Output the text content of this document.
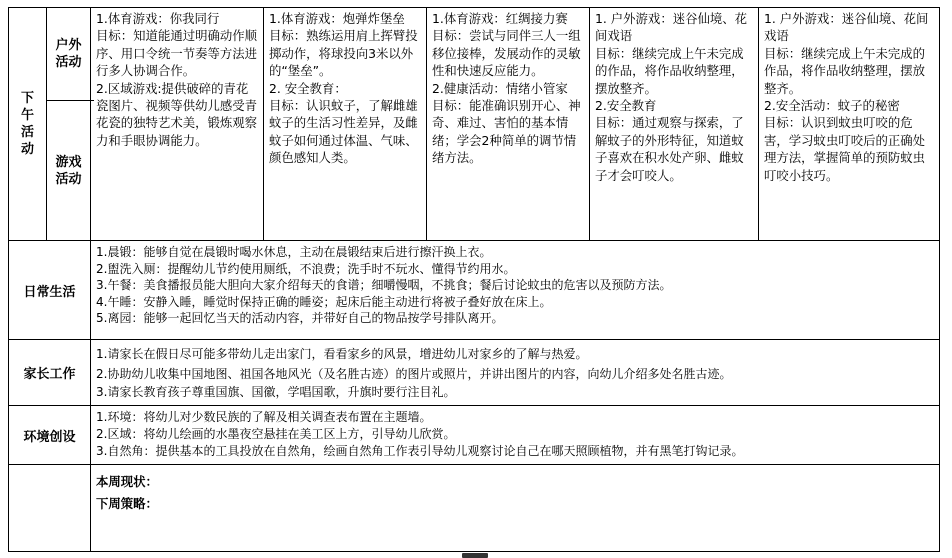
下午活动
户外活动
游戏活动
1.体育游戏：你我同行
目标：知道能通过明确动作顺序、用口令统一节奏等方法进行多人协调合作。
2.区域游戏:提供破碎的青花瓷图片、视频等供幼儿感受青花瓷的独特艺术美，锻炼观察力和手眼协调能力。
1.体育游戏：炮弹炸堡垒
目标：熟练运用肩上挥臂投掷动作，将球投向3米以外的“堡垒”。
2. 安全教育：
目标：认识蚊子，了解雌雄蚊子的生活习性差异，及雌蚊子如何通过体温、气味、颜色感知人类。
1.体育游戏：红绸接力赛
目标：尝试与同伴三人一组移位接棒，发展动作的灵敏性和快速反应能力。
2.健康活动：情绪小管家
目标：能准确识别开心、神奇、难过、害怕的基本情绪；学会2种简单的调节情绪方法。
1. 户外游戏：迷谷仙境、花间戏语
目标：继续完成上午未完成的作品，将作品收纳整理，摆放整齐。
2.安全教育
目标：通过观察与探索，了解蚊子的外形特征，知道蚊子喜欢在积水处产卵、雌蚊子才会叮咬人。
1. 户外游戏：迷谷仙境、花间戏语
目标：继续完成上午未完成的作品，将作品收纳整理，摆放整齐。
2.安全活动：蚊子的秘密
目标：认识到蚊虫叮咬的危害，学习蚊虫叮咬后的正确处理方法，掌握简单的预防蚊虫叮咬小技巧。
日常生活
1.晨锻：能够自觉在晨锻时喝水休息，主动在晨锻结束后进行擦汗换上衣。
2.盥洗入厕：提醒幼儿节约使用厕纸，不浪费；洗手时不玩水、懂得节约用水。
3.午餐：美食播报员能大胆向大家介绍每天的食谱；细嚼慢咽，不挑食；餐后讨论蚊虫的危害以及预防方法。
4.午睡：安静入睡，睡觉时保持正确的睡姿；起床后能主动进行将被子叠好放在床上。
5.离园：能够一起回忆当天的活动内容，并带好自己的物品按学号排队离开。
家长工作
1.请家长在假日尽可能多带幼儿走出家门，看看家乡的风景，增进幼儿对家乡的了解与热爱。
2.协助幼儿收集中国地图、祖国各地风光（及名胜古迹）的图片或照片，并讲出图片的内容，向幼儿介绍多处名胜古迹。
3.请家长教育孩子尊重国旗、国徽，学唱国歌，升旗时要行注目礼。
环境创设
1.环境：将幼儿对少数民族的了解及相关调查表布置在主题墙。
2.区域：将幼儿绘画的水墨夜空悬挂在美工区上方，引导幼儿欣赏。
3.自然角：提供基本的工具投放在自然角，绘画自然角工作表引导幼儿观察讨论自己在哪天照顾植物，并有黑笔打钩记录。
本周现状：
下周策略：
